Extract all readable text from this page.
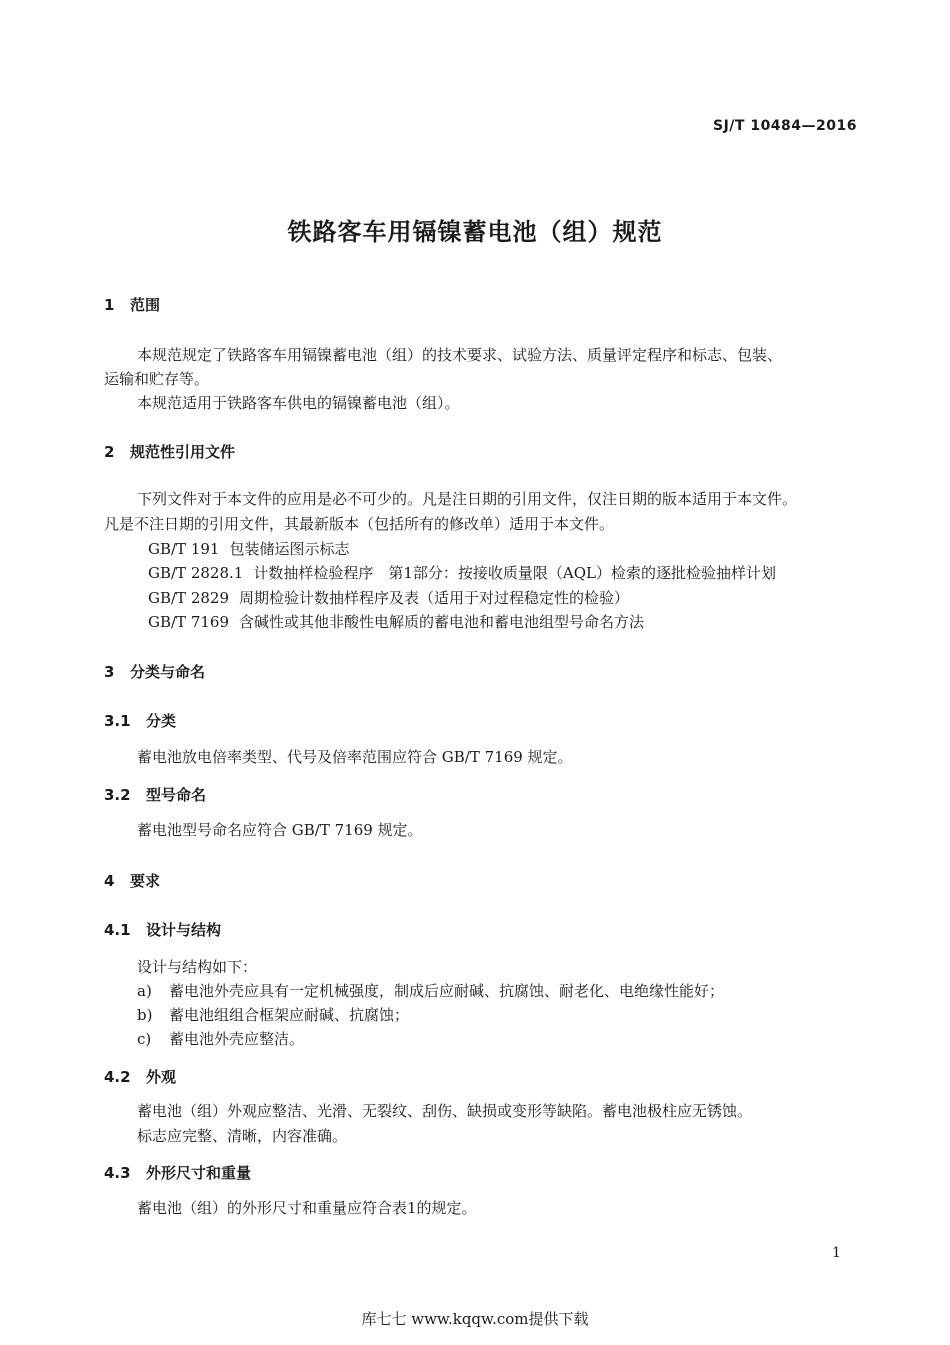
SJ/T 10484—2016
铁路客车用镉镍蓄电池（组）规范
1 范围
本规范规定了铁路客车用镉镍蓄电池（组）的技术要求、试验方法、质量评定程序和标志、包装、
运输和贮存等。
本规范适用于铁路客车供电的镉镍蓄电池（组）。
2 规范性引用文件
下列文件对于本文件的应用是必不可少的。凡是注日期的引用文件，仅注日期的版本适用于本文件。
凡是不注日期的引用文件，其最新版本（包括所有的修改单）适用于本文件。
GB/T 191 包装储运图示标志
GB/T 2828.1 计数抽样检验程序　第1部分：按接收质量限（AQL）检索的逐批检验抽样计划
GB/T 2829 周期检验计数抽样程序及表（适用于对过程稳定性的检验）
GB/T 7169 含碱性或其他非酸性电解质的蓄电池和蓄电池组型号命名方法
3 分类与命名
3.1 分类
蓄电池放电倍率类型、代号及倍率范围应符合 GB/T 7169 规定。
3.2 型号命名
蓄电池型号命名应符合 GB/T 7169 规定。
4 要求
4.1 设计与结构
设计与结构如下：
a) 蓄电池外壳应具有一定机械强度，制成后应耐碱、抗腐蚀、耐老化、电绝缘性能好；
b) 蓄电池组组合框架应耐碱、抗腐蚀；
c) 蓄电池外壳应整洁。
4.2 外观
蓄电池（组）外观应整洁、光滑、无裂纹、刮伤、缺损或变形等缺陷。蓄电池极柱应无锈蚀。
标志应完整、清晰，内容准确。
4.3 外形尺寸和重量
蓄电池（组）的外形尺寸和重量应符合表1的规定。
1
库七七 www.kqqw.com提供下载
